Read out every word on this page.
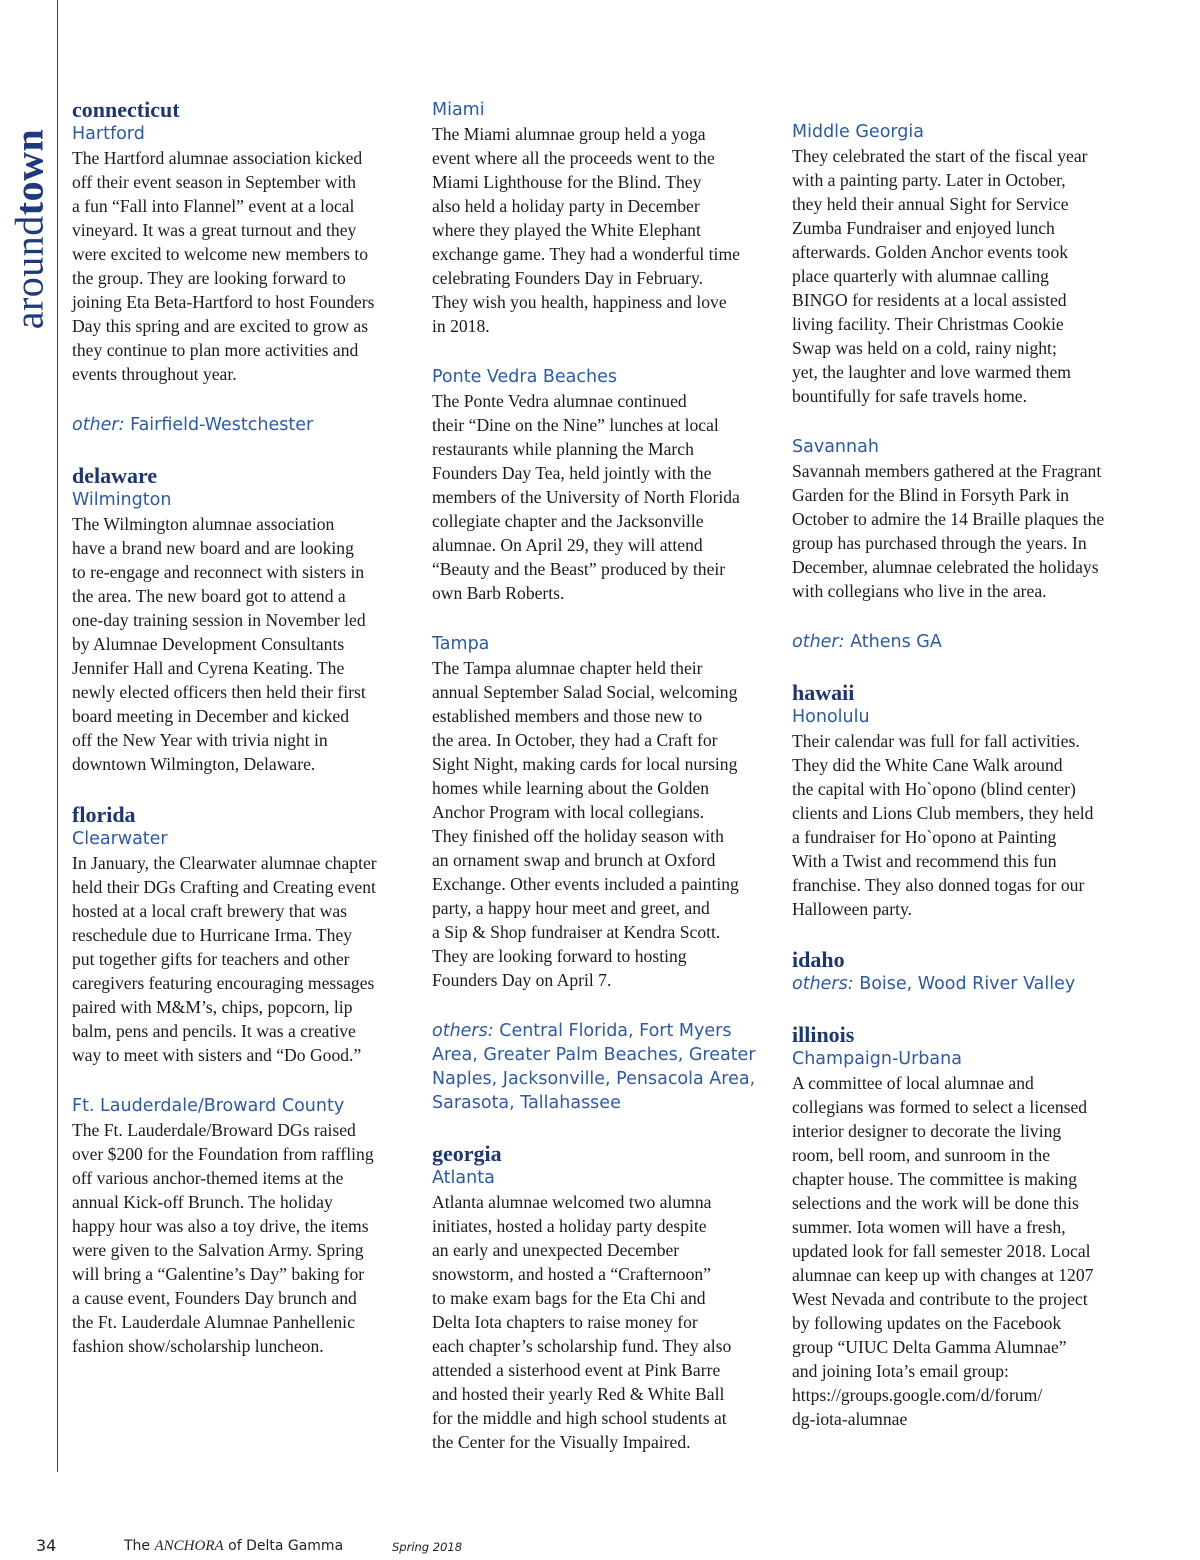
aroundtown

connecticut

Hartford

The Hartford alumnae association kicked
off their event season in September with
a fun “Fall into Flannel” event at a local
vineyard. It was a great turnout and they
were excited to welcome new members to
the group. They are looking forward to
joining Eta Beta-Hartford to host Founders
Day this spring and are excited to grow as
they continue to plan more activities and
events throughout year.

other: Fairfield-Westchester

delaware

Wilmington

The Wilmington alumnae association
have a brand new board and are looking
to re-engage and reconnect with sisters in
the area. The new board got to attend a
one-day training session in November led
by Alumnae Development Consultants
Jennifer Hall and Cyrena Keating. The
newly elected officers then held their first
board meeting in December and kicked
off the New Year with trivia night in
downtown Wilmington, Delaware.

florida

Clearwater

In January, the Clearwater alumnae chapter
held their DGs Crafting and Creating event
hosted at a local craft brewery that was
reschedule due to Hurricane Irma. They
put together gifts for teachers and other
caregivers featuring encouraging messages
paired with M&M’s, chips, popcorn, lip
balm, pens and pencils. It was a creative
way to meet with sisters and “Do Good.”

Ft. Lauderdale/Broward County

The Ft. Lauderdale/Broward DGs raised
over $200 for the Foundation from raffling
off various anchor-themed items at the
annual Kick-off Brunch. The holiday
happy hour was also a toy drive, the items
were given to the Salvation Army. Spring
will bring a “Galentine’s Day” baking for
a cause event, Founders Day brunch and
the Ft. Lauderdale Alumnae Panhellenic
fashion show/scholarship luncheon.

Miami

The Miami alumnae group held a yoga
event where all the proceeds went to the
Miami Lighthouse for the Blind. They
also held a holiday party in December
where they played the White Elephant
exchange game. They had a wonderful time
celebrating Founders Day in February.
They wish you health, happiness and love
in 2018.

Ponte Vedra Beaches

The Ponte Vedra alumnae continued
their “Dine on the Nine” lunches at local
restaurants while planning the March
Founders Day Tea, held jointly with the
members of the University of North Florida
collegiate chapter and the Jacksonville
alumnae. On April 29, they will attend
“Beauty and the Beast” produced by their
own Barb Roberts.

Tampa

The Tampa alumnae chapter held their
annual September Salad Social, welcoming
established members and those new to
the area. In October, they had a Craft for
Sight Night, making cards for local nursing
homes while learning about the Golden
Anchor Program with local collegians.
They finished off the holiday season with
an ornament swap and brunch at Oxford
Exchange. Other events included a painting
party, a happy hour meet and greet, and
a Sip & Shop fundraiser at Kendra Scott.
They are looking forward to hosting
Founders Day on April 7.

others: Central Florida, Fort Myers
Area, Greater Palm Beaches, Greater
Naples, Jacksonville, Pensacola Area,
Sarasota, Tallahassee

georgia

Atlanta

Atlanta alumnae welcomed two alumna
initiates, hosted a holiday party despite
an early and unexpected December
snowstorm, and hosted a “Crafternoon”
to make exam bags for the Eta Chi and
Delta Iota chapters to raise money for
each chapter’s scholarship fund. They also
attended a sisterhood event at Pink Barre
and hosted their yearly Red & White Ball
for the middle and high school students at
the Center for the Visually Impaired.

Middle Georgia

They celebrated the start of the fiscal year
with a painting party. Later in October,
they held their annual Sight for Service
Zumba Fundraiser and enjoyed lunch
afterwards. Golden Anchor events took
place quarterly with alumnae calling
BINGO for residents at a local assisted
living facility. Their Christmas Cookie
Swap was held on a cold, rainy night;
yet, the laughter and love warmed them
bountifully for safe travels home.

Savannah

Savannah members gathered at the Fragrant
Garden for the Blind in Forsyth Park in
October to admire the 14 Braille plaques the
group has purchased through the years. In
December, alumnae celebrated the holidays
with collegians who live in the area.

other: Athens GA

hawaii

Honolulu

Their calendar was full for fall activities.
They did the White Cane Walk around
the capital with Ho`opono (blind center)
clients and Lions Club members, they held
a fundraiser for Ho`opono at Painting
With a Twist and recommend this fun
franchise. They also donned togas for our
Halloween party.

idaho

others: Boise, Wood River Valley

illinois

Champaign-Urbana

A committee of local alumnae and
collegians was formed to select a licensed
interior designer to decorate the living
room, bell room, and sunroom in the
chapter house. The committee is making
selections and the work will be done this
summer. Iota women will have a fresh,
updated look for fall semester 2018. Local
alumnae can keep up with changes at 1207
West Nevada and contribute to the project
by following updates on the Facebook
group “UIUC Delta Gamma Alumnae”
and joining Iota’s email group:
https://groups.google.com/d/forum/
dg-iota-alumnae

34	The ANCHORA of Delta Gamma	Spring 2018
